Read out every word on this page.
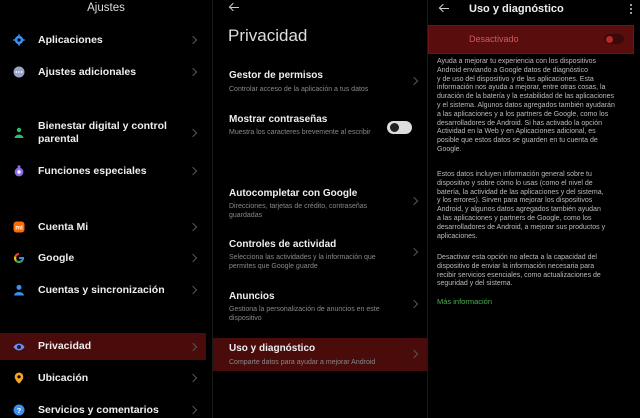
Ajustes
Aplicaciones
Ajustes adicionales
Bienestar digital y control
parental
Funciones especiales
mi Cuenta Mi
Google
Cuentas y sincronización
Privacidad
Ubicación
? Servicios y comentarios
Privacidad
Gestor de permisos
Controlar acceso de la aplicación a tus datos
Mostrar contraseñas
Muestra los caracteres brevemente al escribir
Autocompletar con Google
Direcciones, tarjetas de crédito, contraseñas guardadas
Controles de actividad
Selecciona las actividades y la información que permites que Google guarde
Anuncios
Gestiona la personalización de anuncios en este dispositivo
Uso y diagnóstico
Comparte datos para ayudar a mejorar Android
Uso y diagnóstico
Desactivado
Ayuda a mejorar tu experiencia con los dispositivos
Android enviando a Google datos de diagnóstico
y de uso del dispositivo y de las aplicaciones. Esta
información nos ayuda a mejorar, entre otras cosas, la
duración de la batería y la estabilidad de las aplicaciones
y el sistema. Algunos datos agregados también ayudarán
a las aplicaciones y a los partners de Google, como los
desarrolladores de Android. Si has activado la opción
Actividad en la Web y en Aplicaciones adicional, es
posible que estos datos se guarden en tu cuenta de
Google.
Estos datos incluyen información general sobre tu
dispositivo y sobre cómo lo usas (como el nivel de
batería, la actividad de las aplicaciones y del sistema,
y los errores). Sirven para mejorar los dispositivos
Android, y algunos datos agregados también ayudan
a las aplicaciones y partners de Google, como los
desarrolladores de Android, a mejorar sus productos y
aplicaciones.
Desactivar esta opción no afecta a la capacidad del
dispositivo de enviar la información necesaria para
recibir servicios esenciales, como actualizaciones de
seguridad y del sistema.
Más información
